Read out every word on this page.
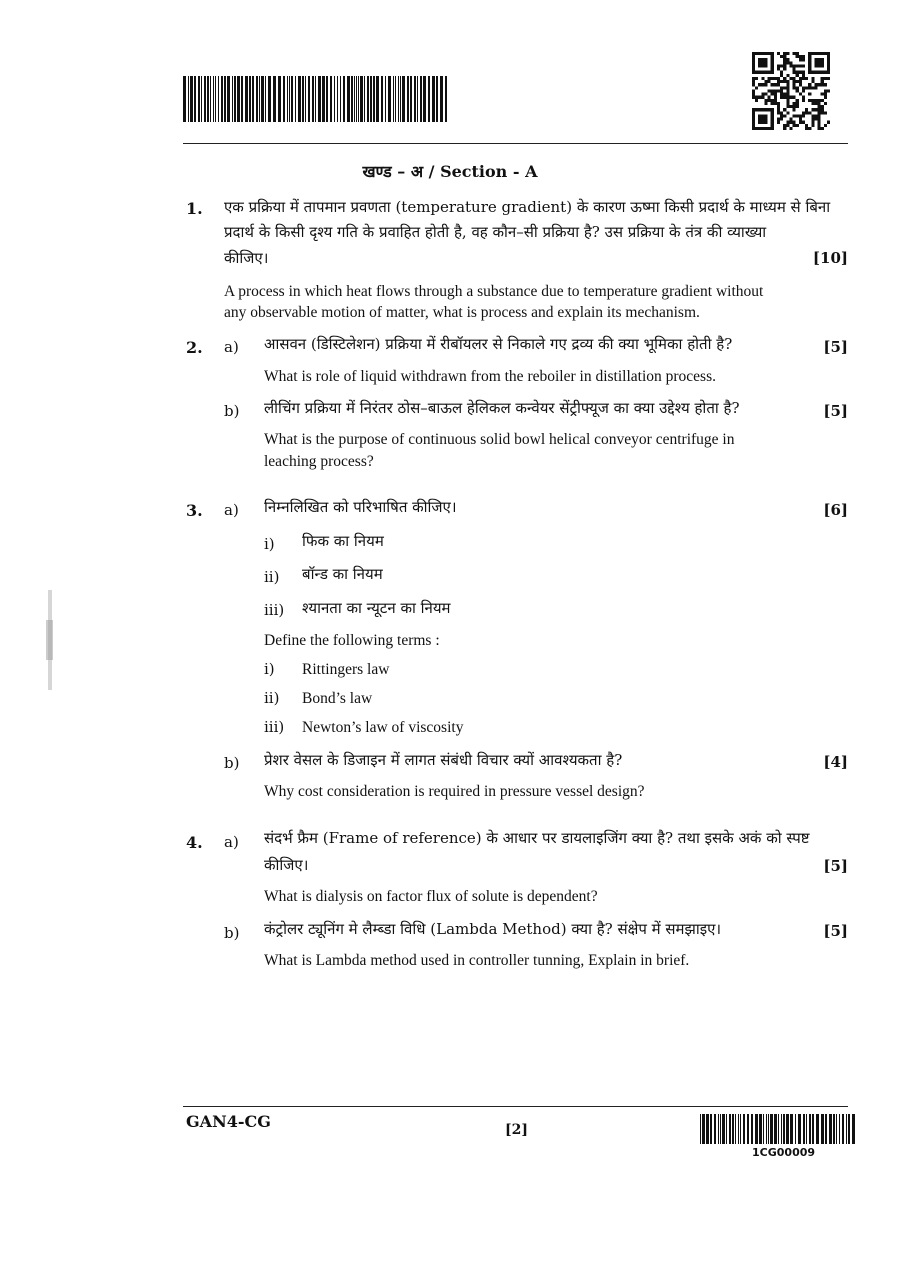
खण्ड – अ / Section - A
1. एक प्रक्रिया में तापमान प्रवणता (temperature gradient) के कारण ऊष्मा किसी प्रदार्थ के माध्यम से बिना
प्रदार्थ के किसी दृश्य गति के प्रवाहित होती है, वह कौन–सी प्रक्रिया है? उस प्रक्रिया के तंत्र की व्याख्या
कीजिए।	[10]
A process in which heat flows through a substance due to temperature gradient without
any observable motion of matter, what is process and explain its mechanism.
2. a) आसवन (डिस्टिलेशन) प्रक्रिया में रीबॉयलर से निकाले गए द्रव्य की क्या भूमिका होती है?	[5]
What is role of liquid withdrawn from the reboiler in distillation process.
b) लीचिंग प्रक्रिया में निरंतर ठोस–बाऊल हेलिकल कन्वेयर सेंट्रीफ्यूज का क्या उद्देश्य होता है?	[5]
What is the purpose of continuous solid bowl helical conveyor centrifuge in
leaching process?
3. a) निम्नलिखित को परिभाषित कीजिए।	[6]
i) फिक का नियम
ii) बॉन्ड का नियम
iii) श्यानता का न्यूटन का नियम
Define the following terms :
i) Rittingers law
ii) Bond’s law
iii) Newton’s law of viscosity
b) प्रेशर वेसल के डिजाइन में लागत संबंधी विचार क्यों आवश्यकता है?	[4]
Why cost consideration is required in pressure vessel design?
4. a) संदर्भ फ्रैम (Frame of reference) के आधार पर डायलाइजिंग क्या है? तथा इसके अकं को स्पष्ट
कीजिए।	[5]
What is dialysis on factor flux of solute is dependent?
b) कंट्रोलर ट्यूनिंग मे लैम्ब्डा विधि (Lambda Method) क्या है? संक्षेप में समझाइए।	[5]
What is Lambda method used in controller tunning, Explain in brief.
GAN4-CG	[2]
1CG00009
